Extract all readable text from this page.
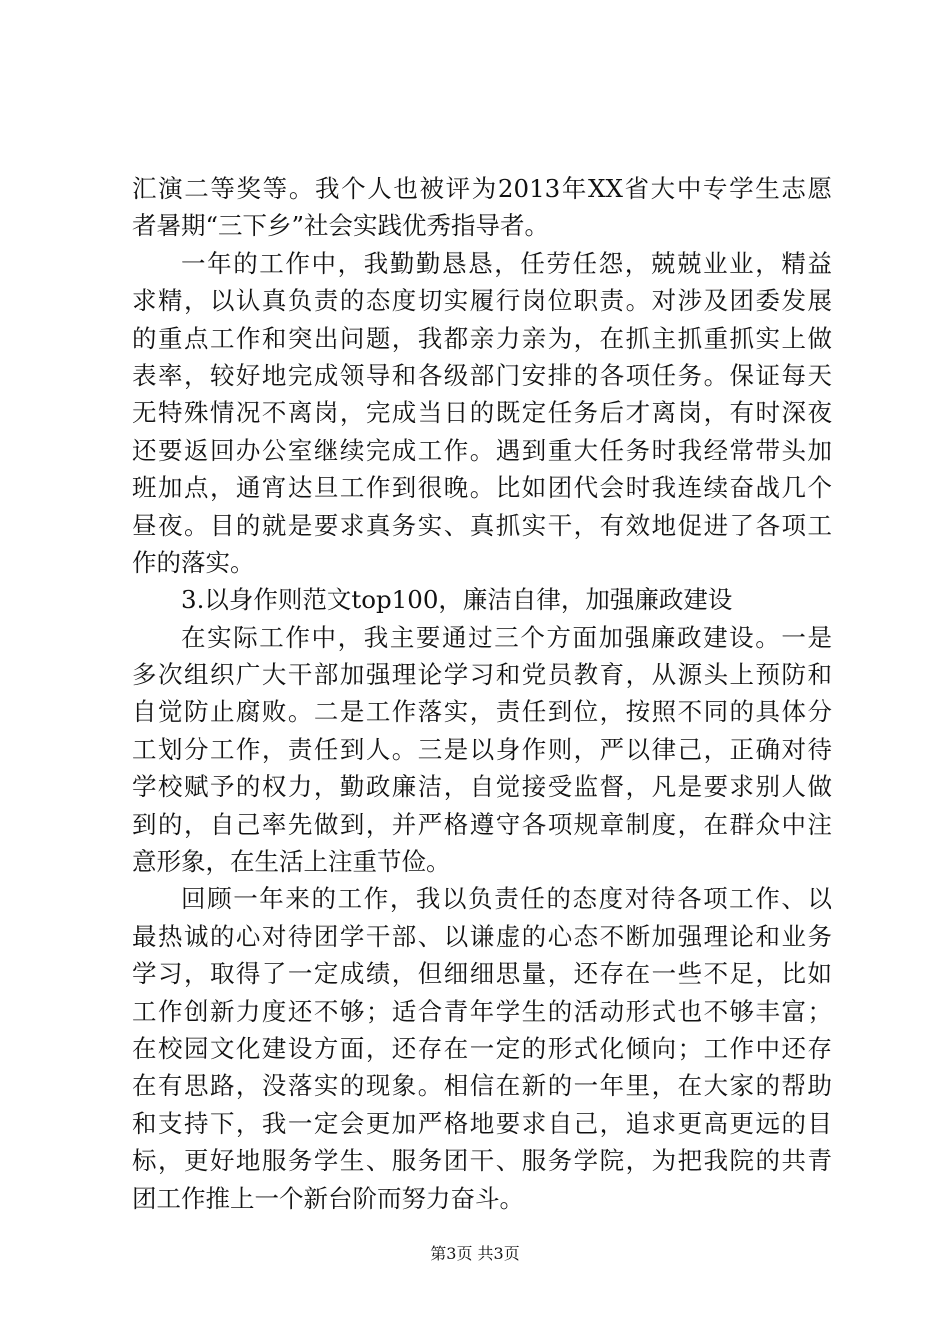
汇演二等奖等。我个人也被评为2013年XX省大中专学生志愿
者暑期“三下乡”社会实践优秀指导者。
一年的工作中，我勤勤恳恳，任劳任怨，兢兢业业，精益
求精，以认真负责的态度切实履行岗位职责。对涉及团委发展
的重点工作和突出问题，我都亲力亲为，在抓主抓重抓实上做
表率，较好地完成领导和各级部门安排的各项任务。保证每天
无特殊情况不离岗，完成当日的既定任务后才离岗，有时深夜
还要返回办公室继续完成工作。遇到重大任务时我经常带头加
班加点，通宵达旦工作到很晚。比如团代会时我连续奋战几个
昼夜。目的就是要求真务实、真抓实干，有效地促进了各项工
作的落实。
3.以身作则范文top100，廉洁自律，加强廉政建设
在实际工作中，我主要通过三个方面加强廉政建设。一是
多次组织广大干部加强理论学习和党员教育，从源头上预防和
自觉防止腐败。二是工作落实，责任到位，按照不同的具体分
工划分工作，责任到人。三是以身作则，严以律己，正确对待
学校赋予的权力，勤政廉洁，自觉接受监督，凡是要求别人做
到的，自己率先做到，并严格遵守各项规章制度，在群众中注
意形象，在生活上注重节俭。
回顾一年来的工作，我以负责任的态度对待各项工作、以
最热诚的心对待团学干部、以谦虚的心态不断加强理论和业务
学习，取得了一定成绩，但细细思量，还存在一些不足，比如
工作创新力度还不够；适合青年学生的活动形式也不够丰富；
在校园文化建设方面，还存在一定的形式化倾向；工作中还存
在有思路，没落实的现象。相信在新的一年里，在大家的帮助
和支持下，我一定会更加严格地要求自己，追求更高更远的目
标，更好地服务学生、服务团干、服务学院，为把我院的共青
团工作推上一个新台阶而努力奋斗。
第3页 共3页
